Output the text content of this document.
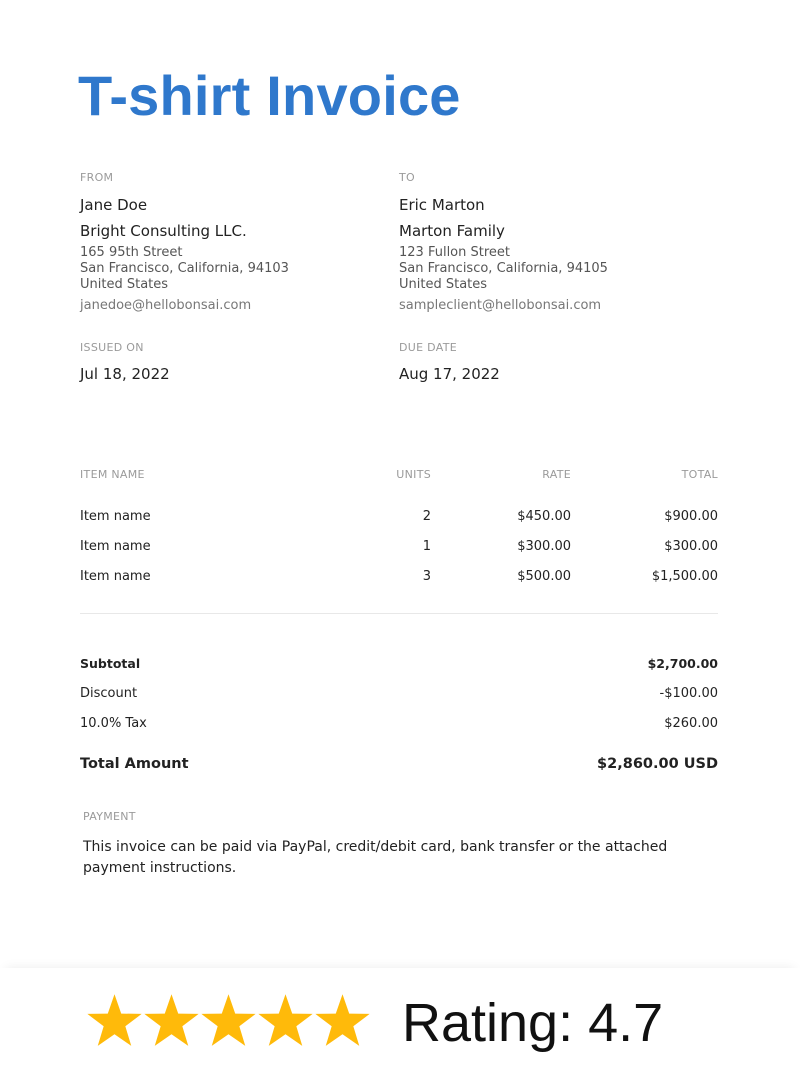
T-shirt Invoice
FROM
Jane Doe
Bright Consulting LLC.
165 95th Street
San Francisco, California, 94103
United States
janedoe@hellobonsai.com
TO
Eric Marton
Marton Family
123 Fullon Street
San Francisco, California, 94105
United States
sampleclient@hellobonsai.com
ISSUED ON
Jul 18, 2022
DUE DATE
Aug 17, 2022
ITEM NAME	UNITS	RATE	TOTAL
Item name	2	$450.00	$900.00
Item name	1	$300.00	$300.00
Item name	3	$500.00	$1,500.00
Subtotal	$2,700.00
Discount	-$100.00
10.0% Tax	$260.00
Total Amount	$2,860.00 USD
PAYMENT
This invoice can be paid via PayPal, credit/debit card, bank transfer or the attached payment instructions.
Rating: 4.7
